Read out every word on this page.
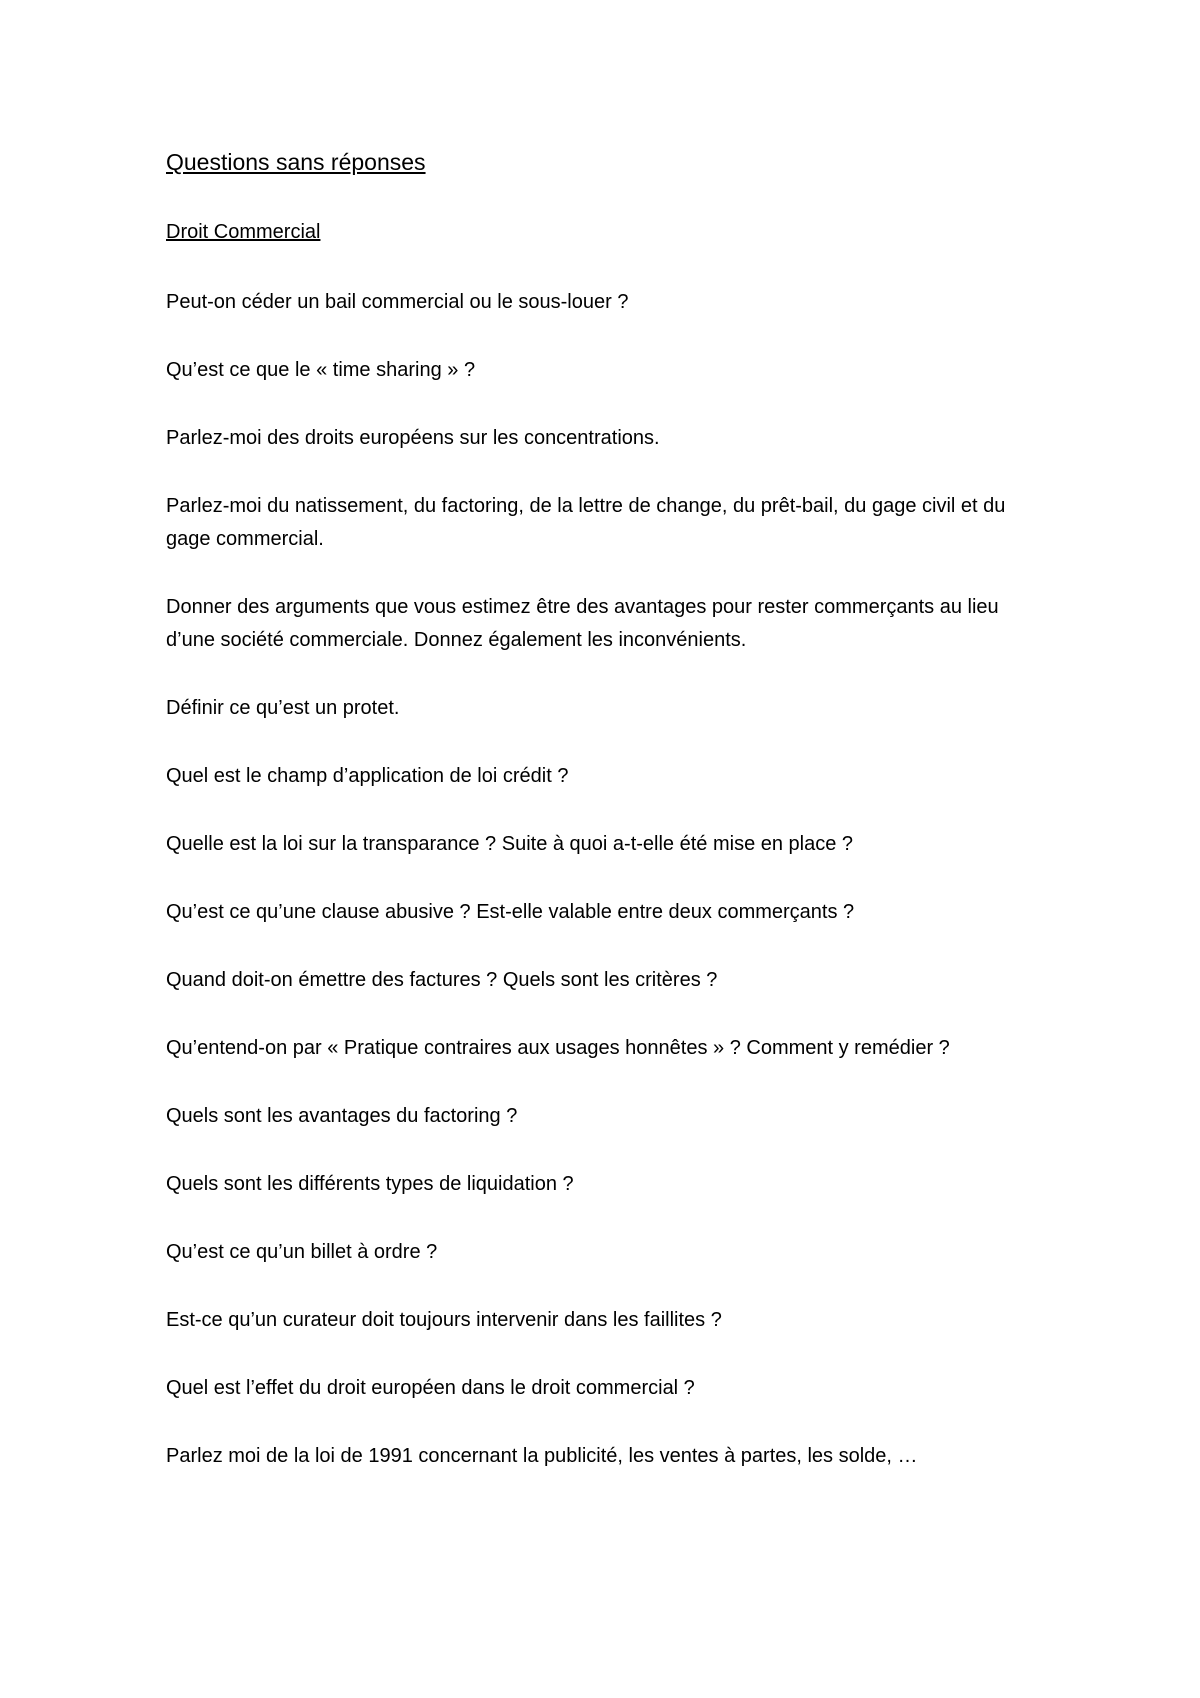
Questions sans réponses
Droit Commercial
Peut-on céder un bail commercial ou le sous-louer ?
Qu’est ce que le « time sharing » ?
Parlez-moi des droits européens sur les concentrations.
Parlez-moi du natissement, du factoring, de la lettre de change, du prêt-bail, du gage civil et du gage commercial.
Donner des arguments que vous estimez être des avantages pour rester commerçants au lieu d’une société commerciale. Donnez également les inconvénients.
Définir ce qu’est un protet.
Quel est le champ d’application de loi crédit ?
Quelle est la loi sur la transparance ? Suite à quoi a-t-elle été mise en place ?
Qu’est ce qu’une clause abusive ? Est-elle valable entre deux commerçants ?
Quand doit-on émettre des factures ? Quels sont les critères ?
Qu’entend-on par « Pratique contraires aux usages honnêtes » ? Comment y remédier ?
Quels sont les avantages du factoring ?
Quels sont les différents types de liquidation ?
Qu’est ce qu’un billet à ordre ?
Est-ce qu’un curateur doit toujours intervenir dans les faillites ?
Quel est l’effet du droit européen dans le droit commercial ?
Parlez moi de la loi de 1991 concernant la publicité, les ventes à partes, les solde, …
